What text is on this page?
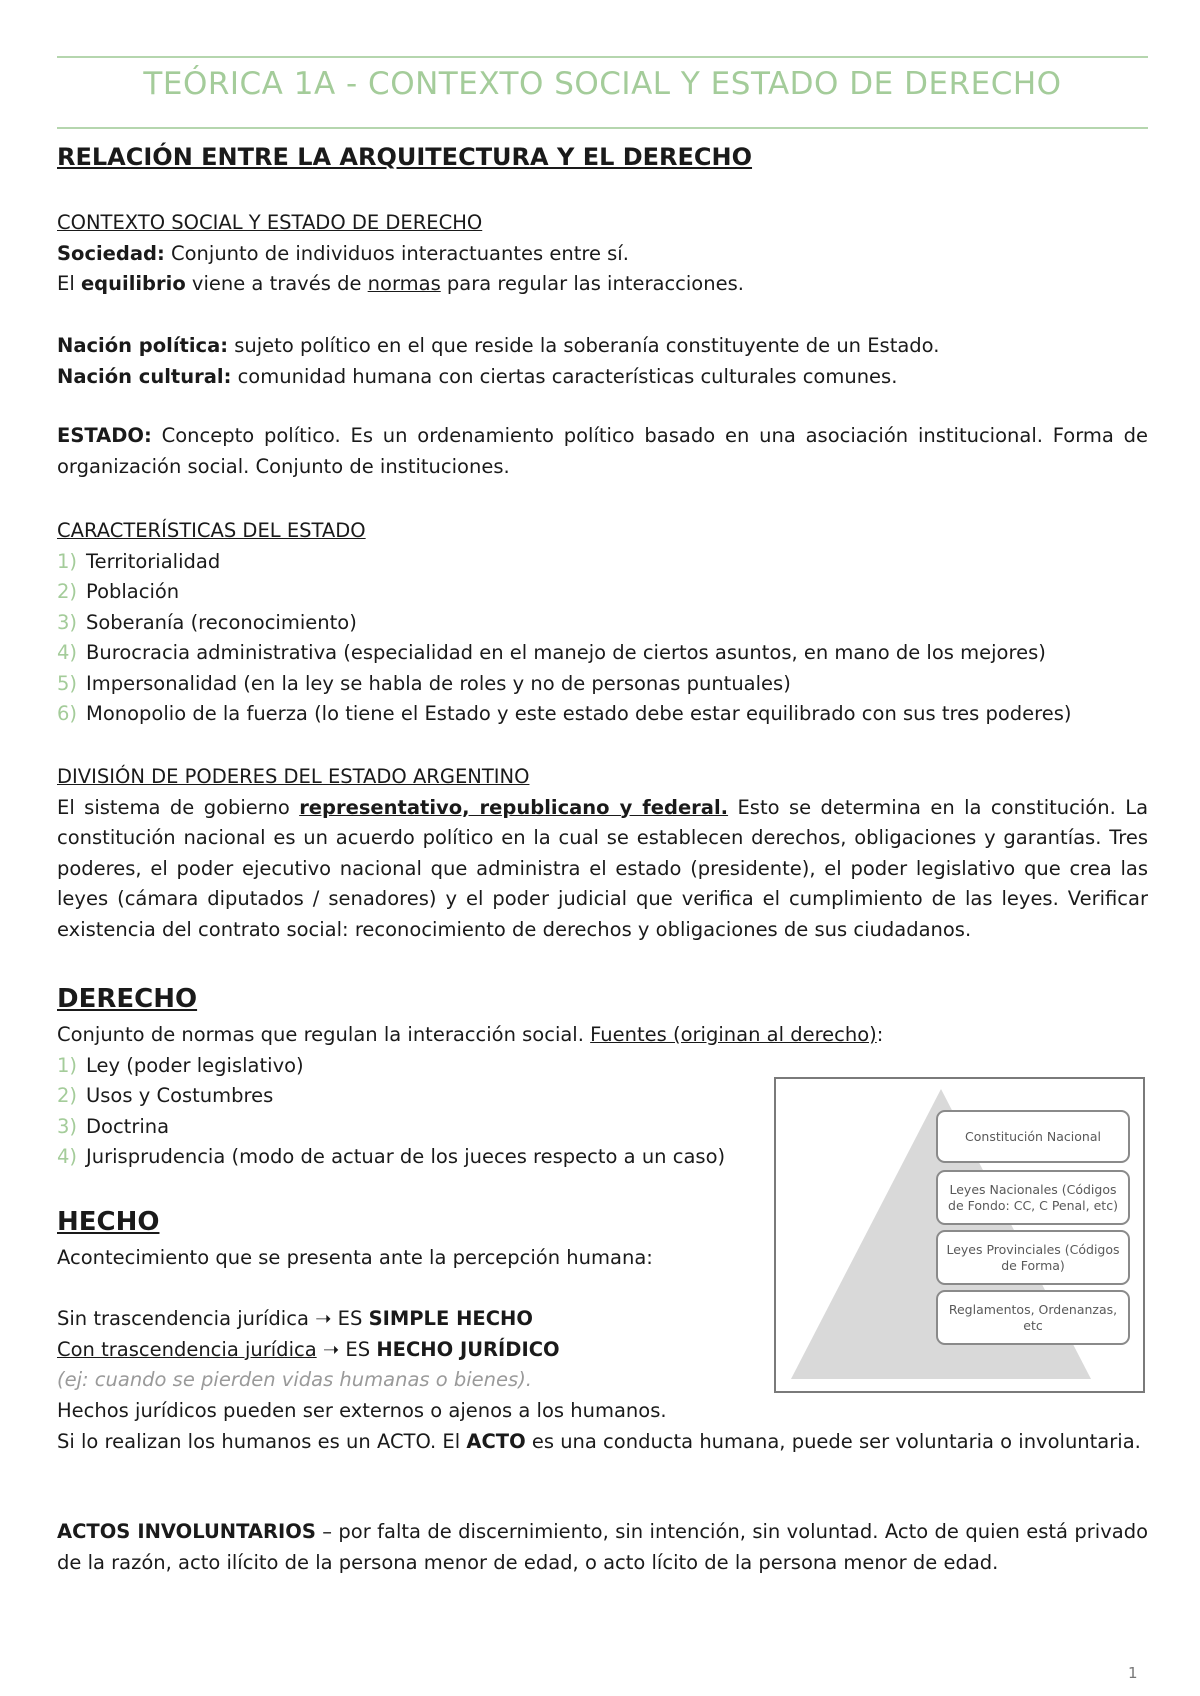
TEÓRICA 1A - CONTEXTO SOCIAL Y ESTADO DE DERECHO
RELACIÓN ENTRE LA ARQUITECTURA Y EL DERECHO

CONTEXTO SOCIAL Y ESTADO DE DERECHO

Sociedad: Conjunto de individuos interactuantes entre sí.

El equilibrio viene a través de normas para regular las interacciones.

Nación política: sujeto político en el que reside la soberanía constituyente de un Estado.

Nación cultural: comunidad humana con ciertas características culturales comunes.

ESTADO: Concepto político. Es un ordenamiento político basado en una asociación institucional. Forma de organización social. Conjunto de instituciones.

CARACTERÍSTICAS DEL ESTADO

1) Territorialidad
2) Población
3) Soberanía (reconocimiento)
4) Burocracia administrativa (especialidad en el manejo de ciertos asuntos, en mano de los mejores)
5) Impersonalidad (en la ley se habla de roles y no de personas puntuales)
6) Monopolio de la fuerza (lo tiene el Estado y este estado debe estar equilibrado con sus tres poderes)

DIVISIÓN DE PODERES DEL ESTADO ARGENTINO

El sistema de gobierno representativo, republicano y federal. Esto se determina en la constitución. La constitución nacional es un acuerdo político en la cual se establecen derechos, obligaciones y garantías. Tres poderes, el poder ejecutivo nacional que administra el estado (presidente), el poder legislativo que crea las leyes (cámara diputados / senadores) y el poder judicial que verifica el cumplimiento de las leyes. Verificar existencia del contrato social: reconocimiento de derechos y obligaciones de sus ciudadanos.

DERECHO

Conjunto de normas que regulan la interacción social. Fuentes (originan al derecho):

1) Ley (poder legislativo)
2) Usos y Costumbres
3) Doctrina
4) Jurisprudencia (modo de actuar de los jueces respecto a un caso)
HECHO

Acontecimiento que se presenta ante la percepción humana:

Sin trascendencia jurídica ➝ ES SIMPLE HECHO

Con trascendencia jurídica ➝ ES HECHO JURÍDICO

(ej: cuando se pierden vidas humanas o bienes).

Hechos jurídicos pueden ser externos o ajenos a los humanos.

Si lo realizan los humanos es un ACTO. El ACTO es una conducta humana, puede ser voluntaria o involuntaria.
ACTOS INVOLUNTARIOS – por falta de discernimiento, sin intención, sin voluntad. Acto de quien está privado de la razón, acto ilícito de la persona menor de edad, o acto lícito de la persona menor de edad.
Constitución Nacional
Leyes Nacionales (Códigos de Fondo: CC, C Penal, etc)
Leyes Provinciales (Códigos de Forma)
Reglamentos, Ordenanzas, etc
1
